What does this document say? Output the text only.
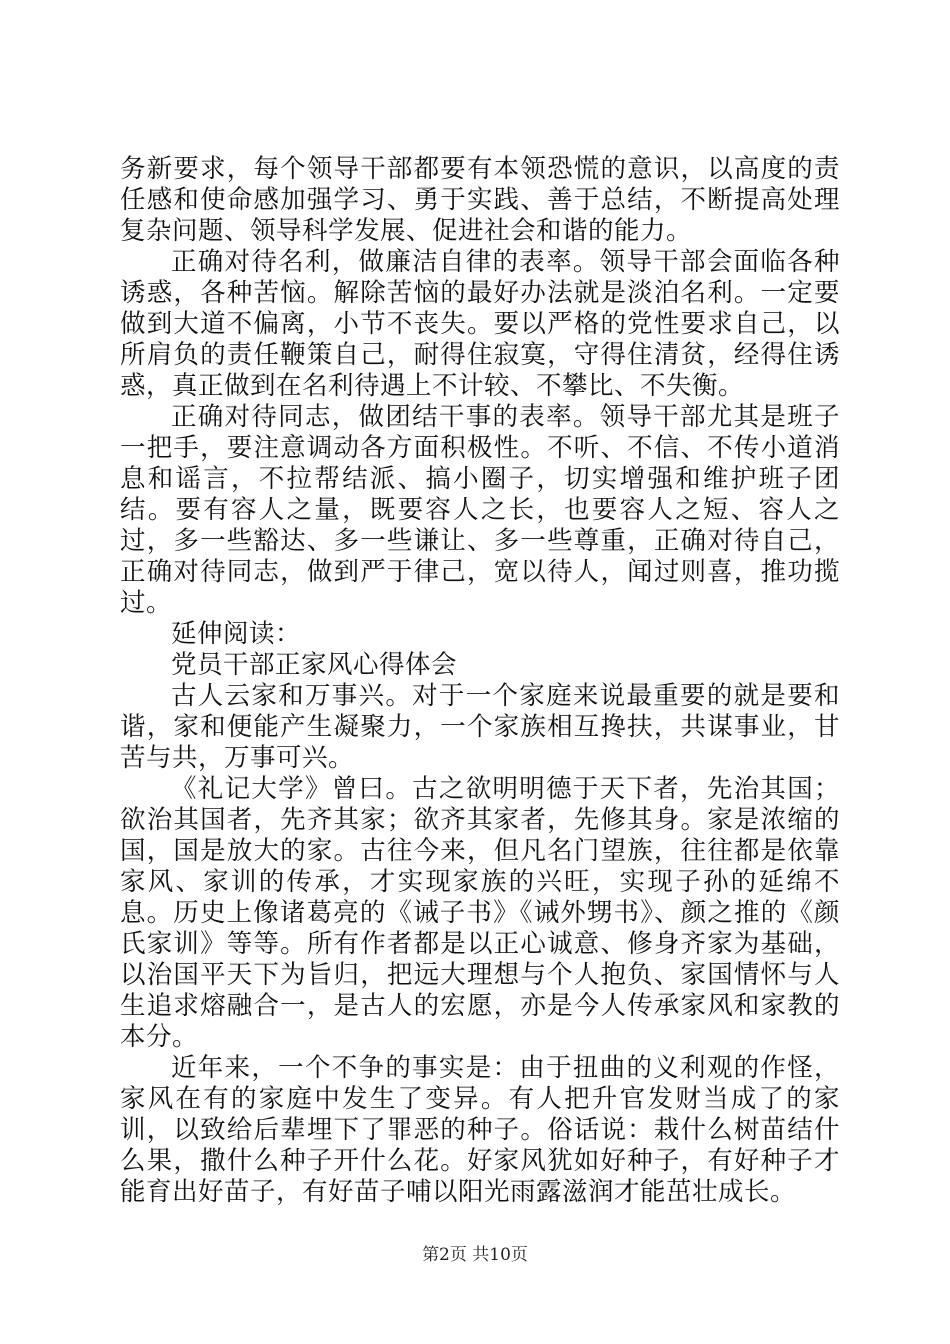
务新要求，每个领导干部都要有本领恐慌的意识，以高度的责任感和使命感加强学习、勇于实践、善于总结，不断提高处理复杂问题、领导科学发展、促进社会和谐的能力。

正确对待名利，做廉洁自律的表率。领导干部会面临各种诱惑，各种苦恼。解除苦恼的最好办法就是淡泊名利。一定要做到大道不偏离，小节不丧失。要以严格的党性要求自己，以所肩负的责任鞭策自己，耐得住寂寞，守得住清贫，经得住诱惑，真正做到在名利待遇上不计较、不攀比、不失衡。

正确对待同志，做团结干事的表率。领导干部尤其是班子一把手，要注意调动各方面积极性。不听、不信、不传小道消息和谣言，不拉帮结派、搞小圈子，切实增强和维护班子团结。要有容人之量，既要容人之长，也要容人之短、容人之过，多一些豁达、多一些谦让、多一些尊重，正确对待自己，正确对待同志，做到严于律己，宽以待人，闻过则喜，推功揽过。

延伸阅读：

党员干部正家风心得体会

古人云家和万事兴。对于一个家庭来说最重要的就是要和谐，家和便能产生凝聚力，一个家族相互搀扶，共谋事业，甘苦与共，万事可兴。

《礼记大学》曾曰。古之欲明明德于天下者，先治其国；欲治其国者，先齐其家；欲齐其家者，先修其身。家是浓缩的国，国是放大的家。古往今来，但凡名门望族，往往都是依靠家风、家训的传承，才实现家族的兴旺，实现子孙的延绵不息。历史上像诸葛亮的《诫子书》《诫外甥书》、颜之推的《颜氏家训》等等。所有作者都是以正心诚意、修身齐家为基础，以治国平天下为旨归，把远大理想与个人抱负、家国情怀与人生追求熔融合一，是古人的宏愿，亦是今人传承家风和家教的本分。

近年来，一个不争的事实是：由于扭曲的义利观的作怪，家风在有的家庭中发生了变异。有人把升官发财当成了的家训，以致给后辈埋下了罪恶的种子。俗话说：栽什么树苗结什么果，撒什么种子开什么花。好家风犹如好种子，有好种子才能育出好苗子，有好苗子哺以阳光雨露滋润才能茁壮成长。

第2页 共10页
